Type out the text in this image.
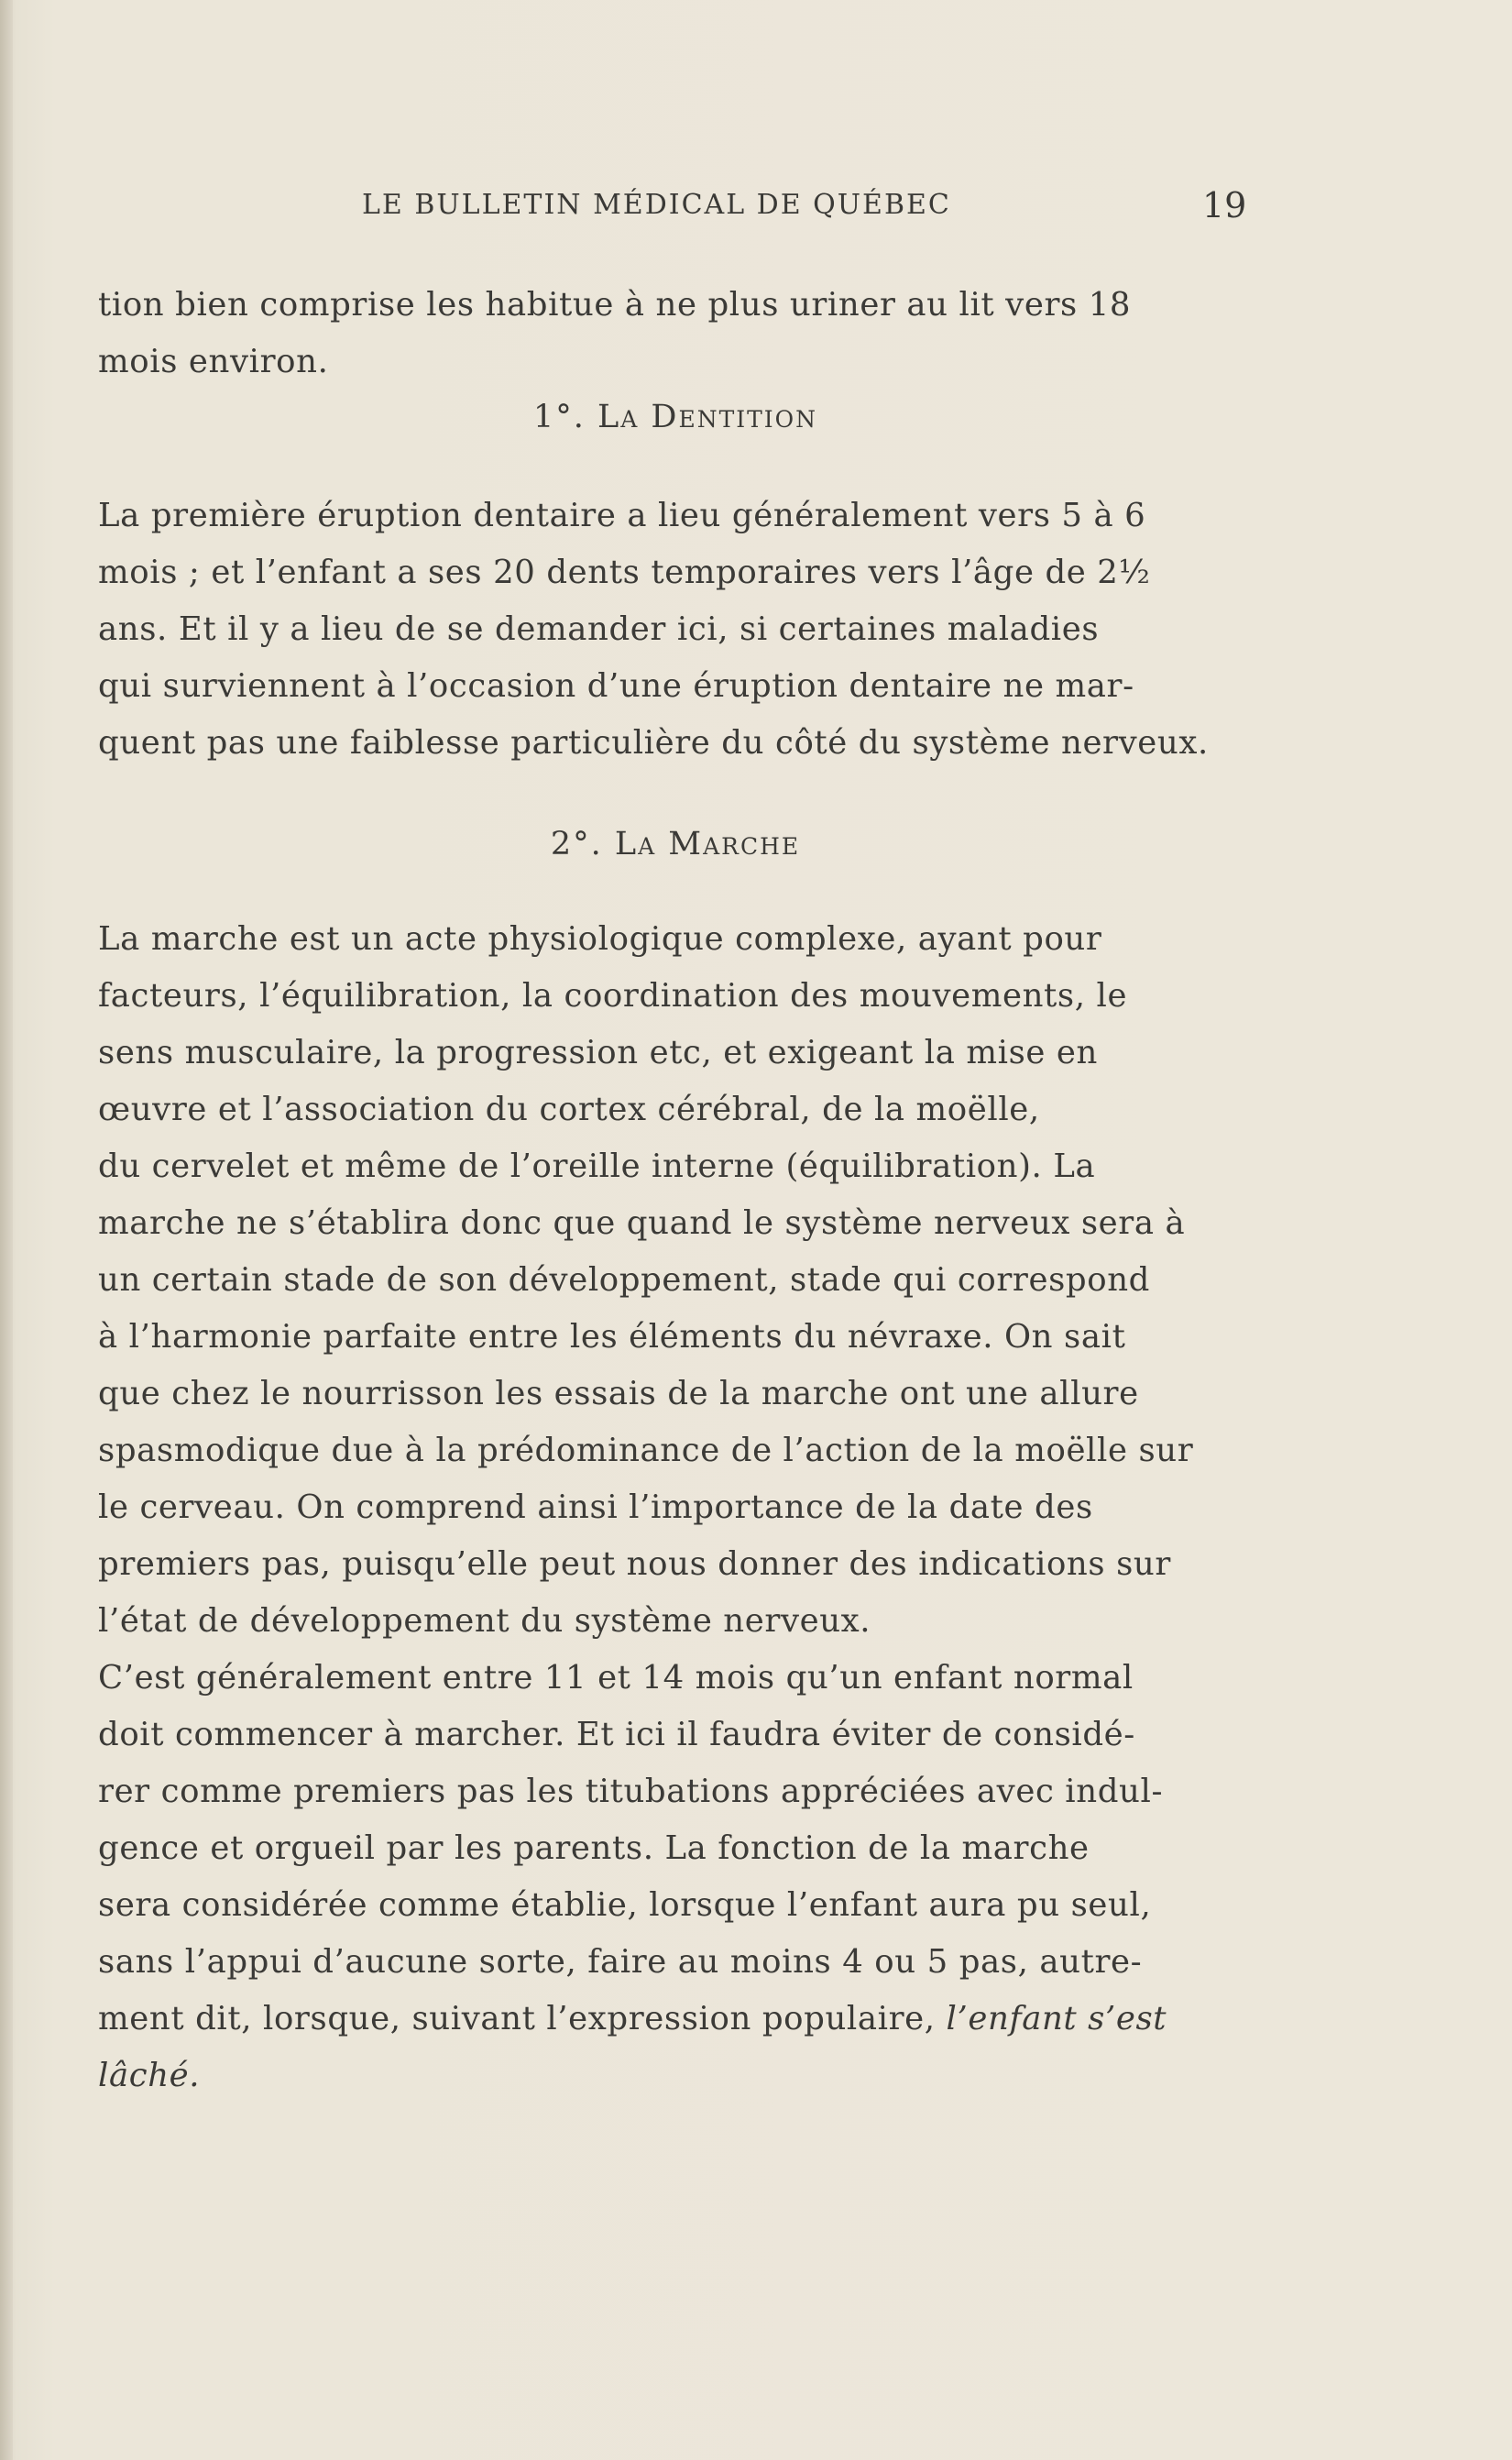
LE BULLETIN MÉDICAL DE QUÉBEC	19
tion bien comprise les habitue à ne plus uriner au lit vers 18
mois environ.
1°. La Dentition
La première éruption dentaire a lieu généralement vers 5 à 6
mois ; et l’enfant a ses 20 dents temporaires vers l’âge de 2½
ans. Et il y a lieu de se demander ici, si certaines maladies
qui surviennent à l’occasion d’une éruption dentaire ne mar-
quent pas une faiblesse particulière du côté du système nerveux.
2°. La Marche
La marche est un acte physiologique complexe, ayant pour
facteurs, l’équilibration, la coordination des mouvements, le
sens musculaire, la progression etc, et exigeant la mise en
œuvre et l’association du cortex cérébral, de la moëlle,
du cervelet et même de l’oreille interne (équilibration). La
marche ne s’établira donc que quand le système nerveux sera à
un certain stade de son développement, stade qui correspond
à l’harmonie parfaite entre les éléments du névraxe. On sait
que chez le nourrisson les essais de la marche ont une allure
spasmodique due à la prédominance de l’action de la moëlle sur
le cerveau. On comprend ainsi l’importance de la date des
premiers pas, puisqu’elle peut nous donner des indications sur
l’état de développement du système nerveux.
C’est généralement entre 11 et 14 mois qu’un enfant normal
doit commencer à marcher. Et ici il faudra éviter de considé-
rer comme premiers pas les titubations appréciées avec indul-
gence et orgueil par les parents. La fonction de la marche
sera considérée comme établie, lorsque l’enfant aura pu seul,
sans l’appui d’aucune sorte, faire au moins 4 ou 5 pas, autre-
ment dit, lorsque, suivant l’expression populaire, l’enfant s’est
lâché.
